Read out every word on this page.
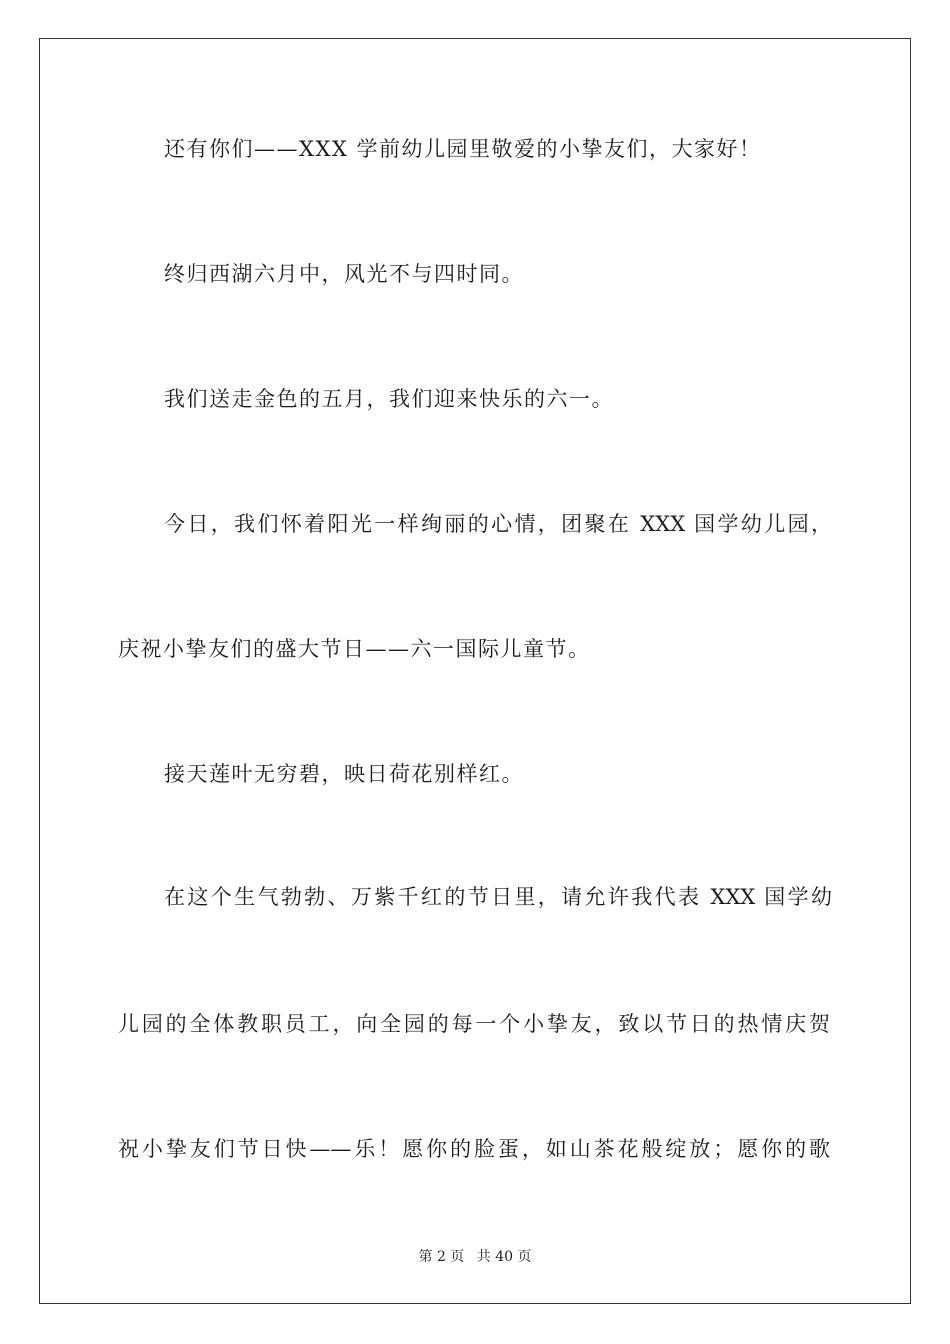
还有你们——XXX 学前幼儿园里敬爱的小挚友们，大家好！
终归西湖六月中，风光不与四时同。
我们送走金色的五月，我们迎来快乐的六一。
今日，我们怀着阳光一样绚丽的心情，团聚在 XXX 国学幼儿园，
庆祝小挚友们的盛大节日——六一国际儿童节。
接天莲叶无穷碧，映日荷花别样红。
在这个生气勃勃、万紫千红的节日里，请允许我代表 XXX 国学幼
儿园的全体教职员工，向全园的每一个小挚友，致以节日的热情庆贺
祝小挚友们节日快——乐！愿你的脸蛋，如山茶花般绽放；愿你的歌
第 2 页 共 40 页
